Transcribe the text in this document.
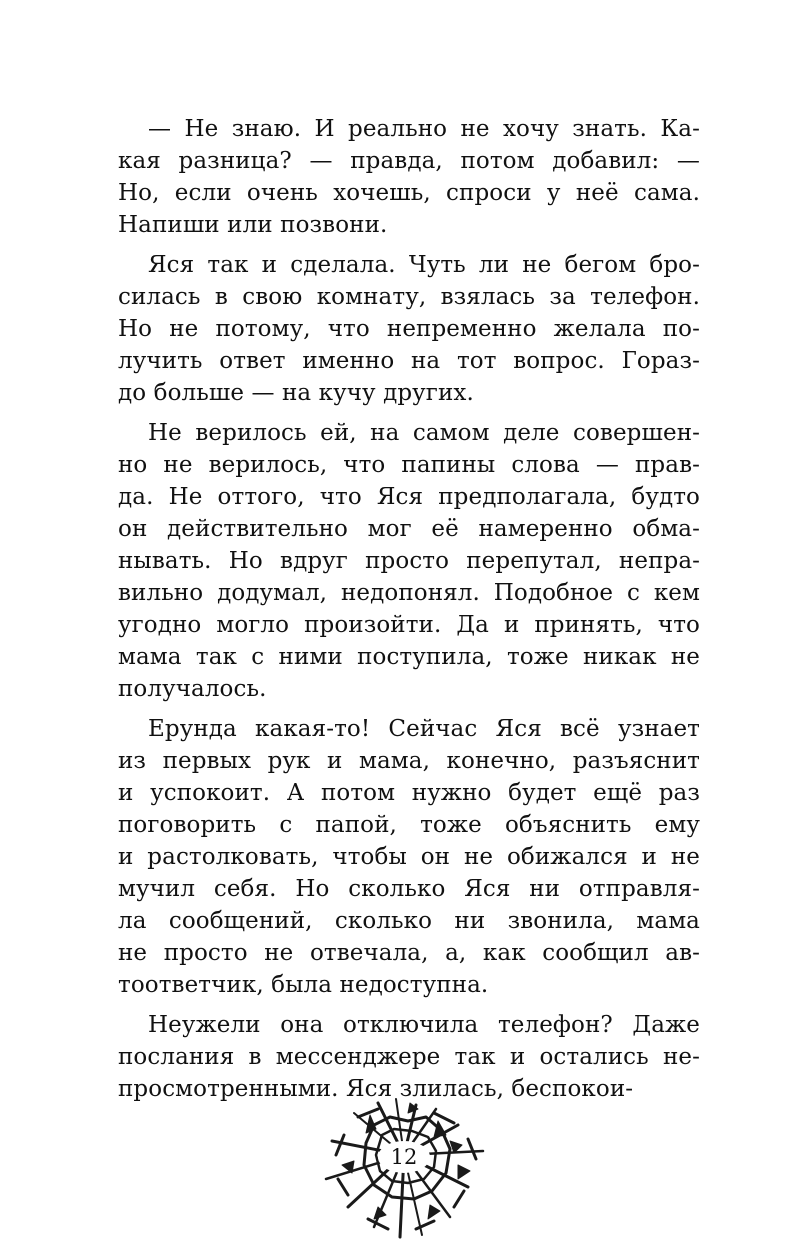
— Не знаю. И реально не хочу знать. Ка-
кая разница? — правда, потом добавил: —
Но, если очень хочешь, спроси у неё сама.
Напиши или позвони.
Яся так и сделала. Чуть ли не бегом бро-
силась в свою комнату, взялась за телефон.
Но не потому, что непременно желала по-
лучить ответ именно на тот вопрос. Горaз-
до больше — на кучу других.
Не верилось ей, на самом деле совершен-
но не верилось, что папины слова — прав-
да. Не оттого, что Яся предполагала, будто
он действительно мог её намеренно обма-
нывать. Но вдруг просто перепутал, непра-
вильно додумал, недопонял. Подобное с кем
угодно могло произойти. Да и принять, что
мама так с ними поступила, тоже никак не
получалось.
Ерунда какая-то! Сейчас Яся всё узнает
из первых рук и мама, конечно, разъяснит
и успокоит. А потом нужно будет ещё раз
поговорить с папой, тоже объяснить ему
и растолковать, чтобы он не обижался и не
мучил себя. Но сколько Яся ни отправля-
ла сообщений, сколько ни звонила, мама
не просто не отвечала, а, как сообщил ав-
тоответчик, была недоступна.
Неужели она отключила телефон? Даже
послания в мессенджере так и остались не-
просмотренными. Яся злилась, беспокои-
12
